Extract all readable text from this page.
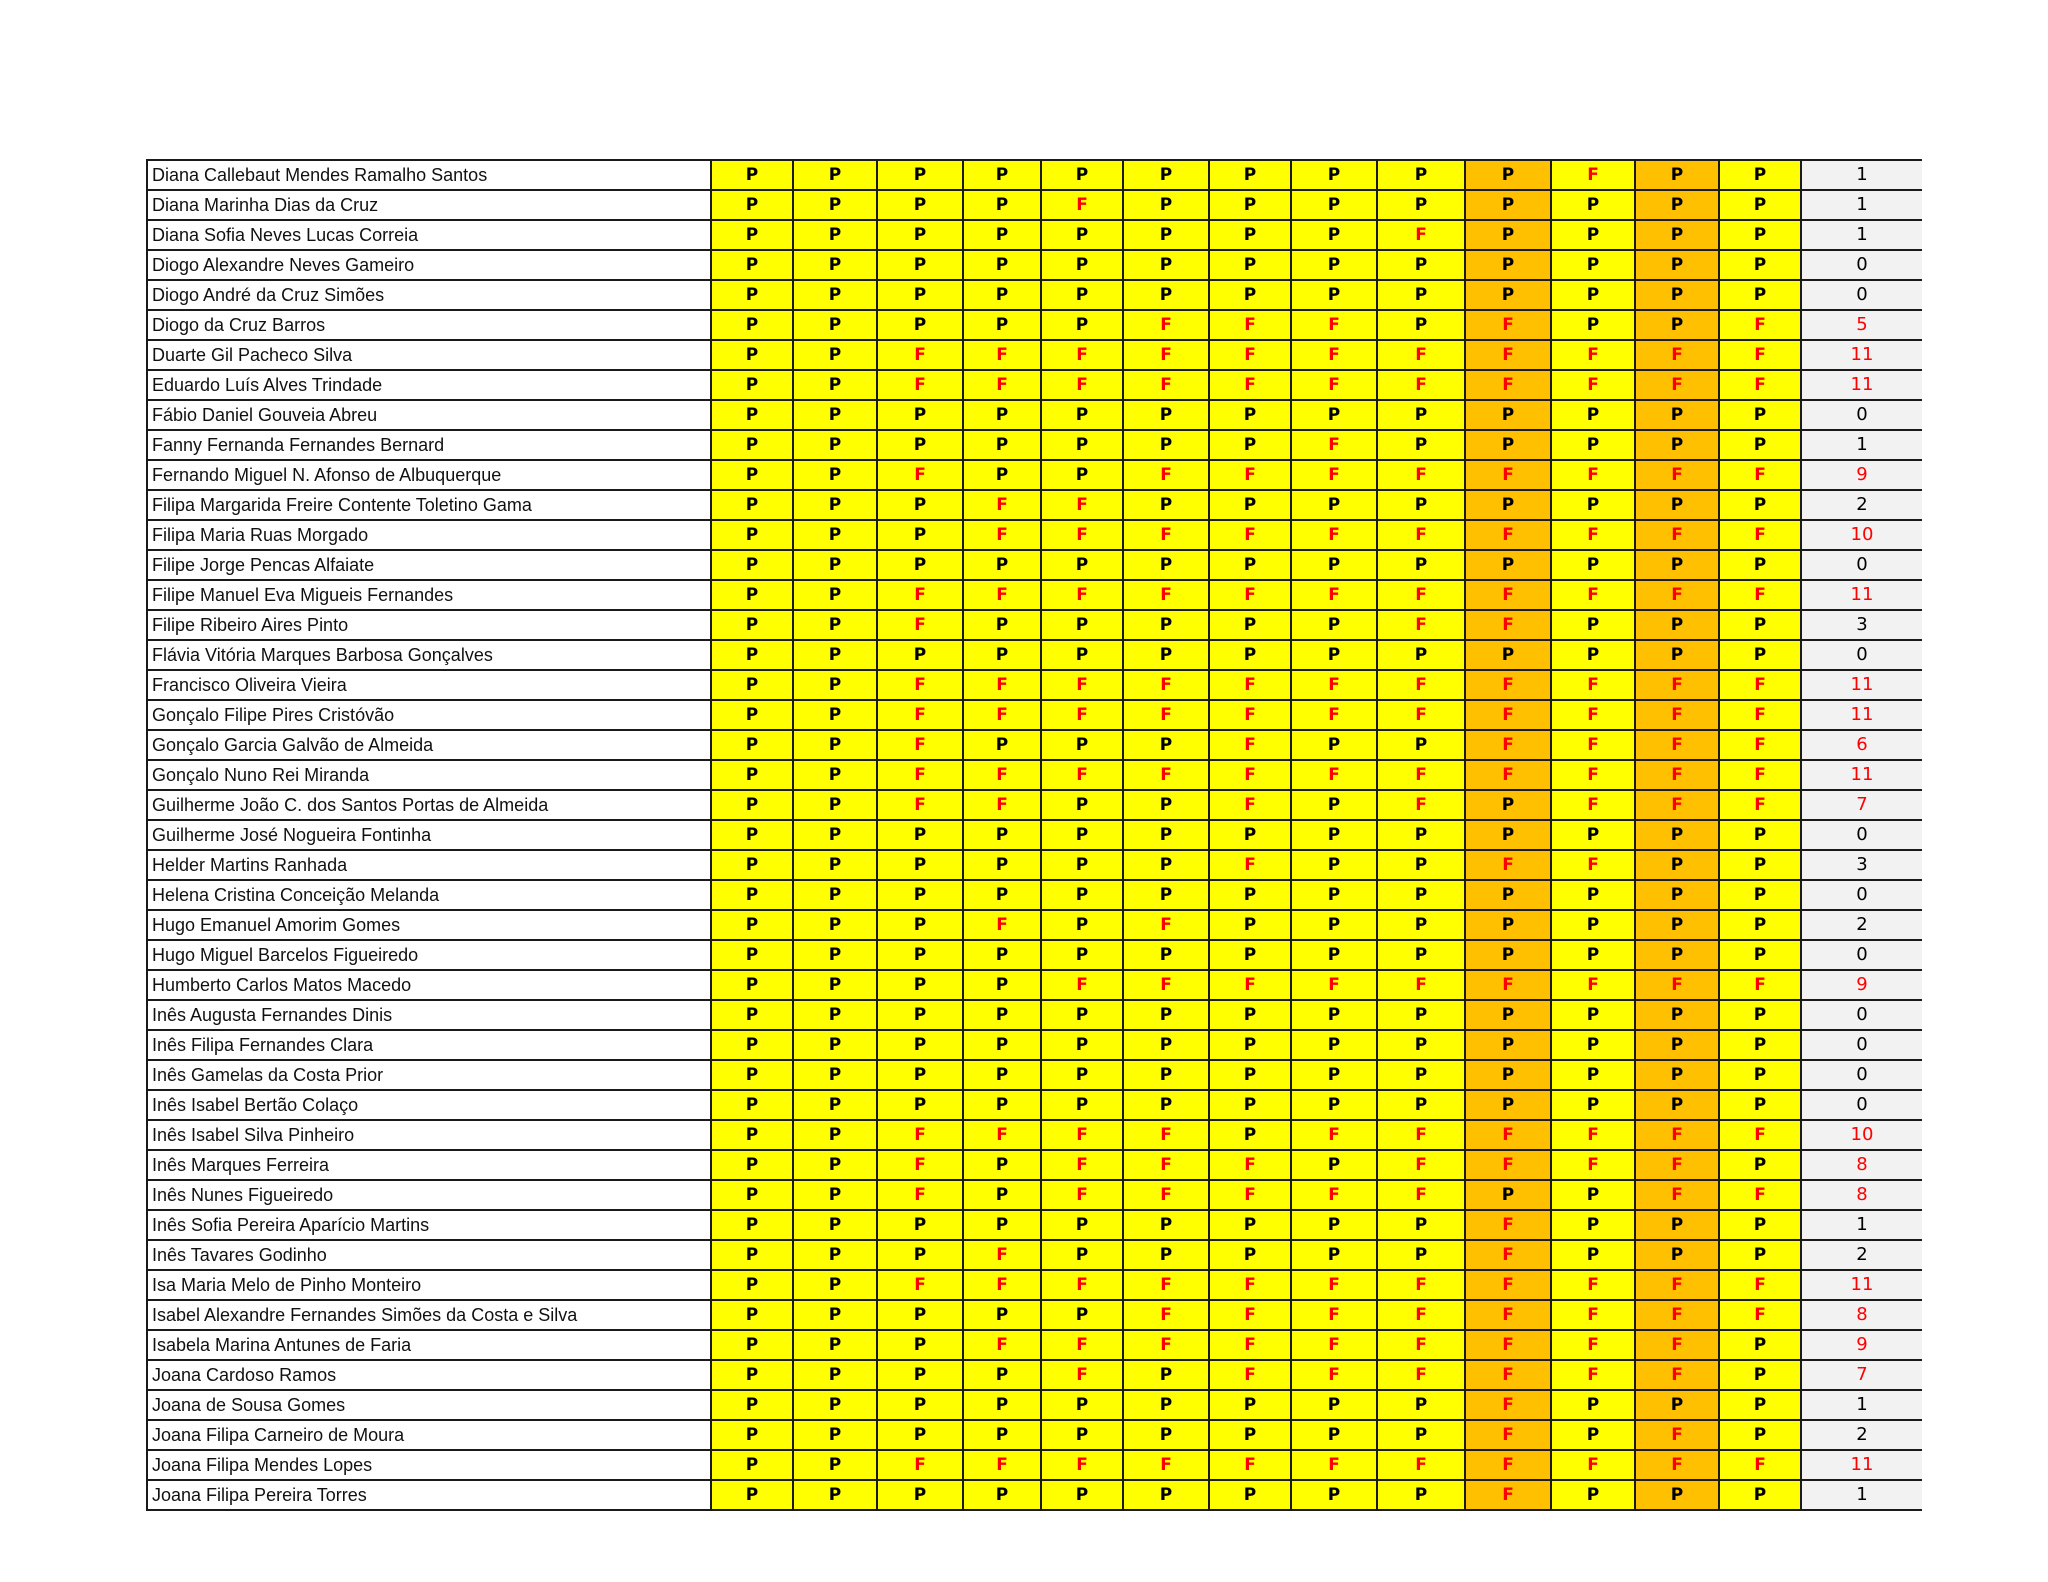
Diana Callebaut Mendes Ramalho Santos	P	P	P	P	P	P	P	P	P	P	F	P	P	1
Diana Marinha Dias da Cruz	P	P	P	P	F	P	P	P	P	P	P	P	P	1
Diana Sofia Neves Lucas Correia	P	P	P	P	P	P	P	P	F	P	P	P	P	1
Diogo Alexandre Neves Gameiro	P	P	P	P	P	P	P	P	P	P	P	P	P	0
Diogo André da Cruz Simões	P	P	P	P	P	P	P	P	P	P	P	P	P	0
Diogo da Cruz Barros	P	P	P	P	P	F	F	F	P	F	P	P	F	5
Duarte Gil Pacheco Silva	P	P	F	F	F	F	F	F	F	F	F	F	F	11
Eduardo Luís Alves Trindade	P	P	F	F	F	F	F	F	F	F	F	F	F	11
Fábio Daniel Gouveia Abreu	P	P	P	P	P	P	P	P	P	P	P	P	P	0
Fanny Fernanda Fernandes Bernard	P	P	P	P	P	P	P	F	P	P	P	P	P	1
Fernando Miguel N. Afonso de Albuquerque	P	P	F	P	P	F	F	F	F	F	F	F	F	9
Filipa Margarida Freire Contente Toletino Gama	P	P	P	F	F	P	P	P	P	P	P	P	P	2
Filipa Maria Ruas Morgado	P	P	P	F	F	F	F	F	F	F	F	F	F	10
Filipe Jorge Pencas Alfaiate	P	P	P	P	P	P	P	P	P	P	P	P	P	0
Filipe Manuel Eva Migueis Fernandes	P	P	F	F	F	F	F	F	F	F	F	F	F	11
Filipe Ribeiro Aires Pinto	P	P	F	P	P	P	P	P	F	F	P	P	P	3
Flávia Vitória Marques Barbosa Gonçalves	P	P	P	P	P	P	P	P	P	P	P	P	P	0
Francisco Oliveira Vieira	P	P	F	F	F	F	F	F	F	F	F	F	F	11
Gonçalo Filipe Pires Cristóvão	P	P	F	F	F	F	F	F	F	F	F	F	F	11
Gonçalo Garcia Galvão de Almeida	P	P	F	P	P	P	F	P	P	F	F	F	F	6
Gonçalo Nuno Rei Miranda	P	P	F	F	F	F	F	F	F	F	F	F	F	11
Guilherme João C. dos Santos Portas de Almeida	P	P	F	F	P	P	F	P	F	P	F	F	F	7
Guilherme José Nogueira Fontinha	P	P	P	P	P	P	P	P	P	P	P	P	P	0
Helder Martins Ranhada	P	P	P	P	P	P	F	P	P	F	F	P	P	3
Helena Cristina Conceição Melanda	P	P	P	P	P	P	P	P	P	P	P	P	P	0
Hugo Emanuel Amorim Gomes	P	P	P	F	P	F	P	P	P	P	P	P	P	2
Hugo Miguel Barcelos Figueiredo	P	P	P	P	P	P	P	P	P	P	P	P	P	0
Humberto Carlos Matos Macedo	P	P	P	P	F	F	F	F	F	F	F	F	F	9
Inês Augusta Fernandes Dinis	P	P	P	P	P	P	P	P	P	P	P	P	P	0
Inês Filipa Fernandes Clara	P	P	P	P	P	P	P	P	P	P	P	P	P	0
Inês Gamelas da Costa Prior	P	P	P	P	P	P	P	P	P	P	P	P	P	0
Inês Isabel Bertão Colaço	P	P	P	P	P	P	P	P	P	P	P	P	P	0
Inês Isabel Silva Pinheiro	P	P	F	F	F	F	P	F	F	F	F	F	F	10
Inês Marques Ferreira	P	P	F	P	F	F	F	P	F	F	F	F	P	8
Inês Nunes Figueiredo	P	P	F	P	F	F	F	F	F	P	P	F	F	8
Inês Sofia Pereira Aparício Martins	P	P	P	P	P	P	P	P	P	F	P	P	P	1
Inês Tavares Godinho	P	P	P	F	P	P	P	P	P	F	P	P	P	2
Isa Maria Melo de Pinho Monteiro	P	P	F	F	F	F	F	F	F	F	F	F	F	11
Isabel Alexandre Fernandes Simões da Costa e Silva	P	P	P	P	P	F	F	F	F	F	F	F	F	8
Isabela Marina Antunes de Faria	P	P	P	F	F	F	F	F	F	F	F	F	P	9
Joana Cardoso Ramos	P	P	P	P	F	P	F	F	F	F	F	F	P	7
Joana de Sousa Gomes	P	P	P	P	P	P	P	P	P	F	P	P	P	1
Joana Filipa Carneiro de Moura	P	P	P	P	P	P	P	P	P	F	P	F	P	2
Joana Filipa Mendes Lopes	P	P	F	F	F	F	F	F	F	F	F	F	F	11
Joana Filipa Pereira Torres	P	P	P	P	P	P	P	P	P	F	P	P	P	1
